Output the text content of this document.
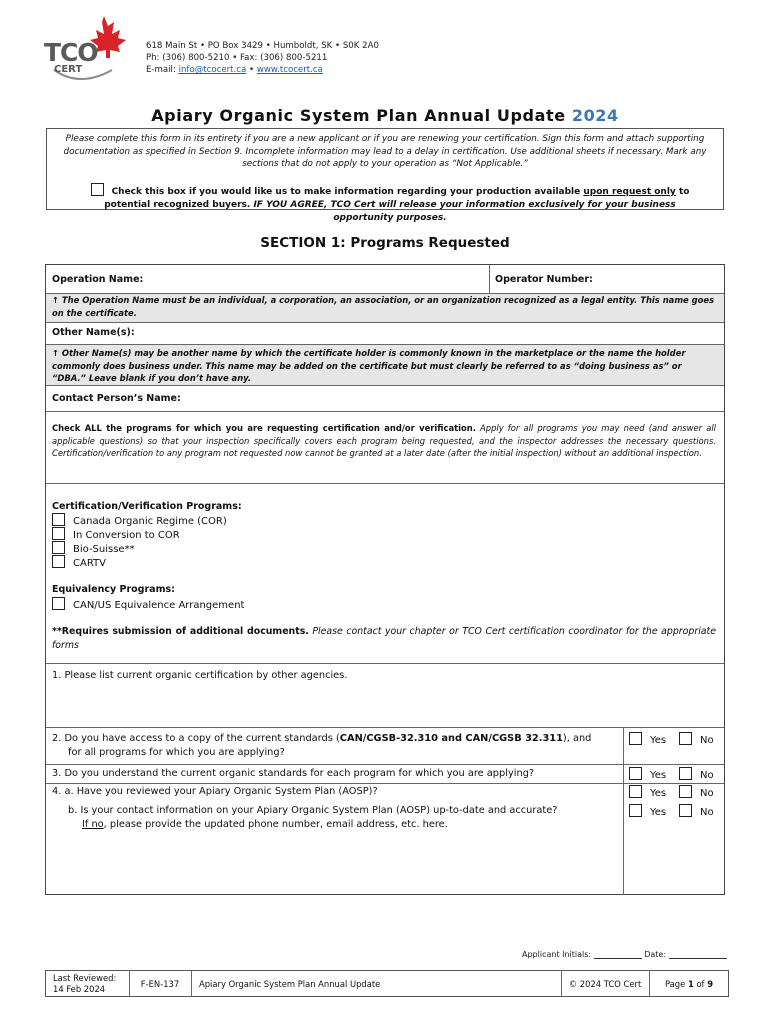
TCO
CERT
618 Main St • PO Box 3429 • Humboldt, SK • S0K 2A0
Ph: (306) 800-5210 • Fax: (306) 800-5211
E-mail: info@tcocert.ca • www.tcocert.ca
Apiary Organic System Plan Annual Update 2024
Please complete this form in its entirety if you are a new applicant or if you are renewing your certification. Sign this form and attach supporting documentation as specified in Section 9. Incomplete information may lead to a delay in certification. Use additional sheets if necessary. Mark any sections that do not apply to your operation as “Not Applicable.”
Check this box if you would like us to make information regarding your production available upon request only to potential recognized buyers. IF YOU AGREE, TCO Cert will release your information exclusively for your business opportunity purposes.
SECTION 1: Programs Requested
Operation Name:	Operator Number:
↑ The Operation Name must be an individual, a corporation, an association, or an organization recognized as a legal entity. This name goes on the certificate.
Other Name(s):
↑ Other Name(s) may be another name by which the certificate holder is commonly known in the marketplace or the name the holder commonly does business under. This name may be added on the certificate but must clearly be referred to as “doing business as” or “DBA.” Leave blank if you don’t have any.
Contact Person’s Name:
Check ALL the programs for which you are requesting certification and/or verification. Apply for all programs you may need (and answer all applicable questions) so that your inspection specifically covers each program being requested, and the inspector addresses the necessary questions. Certification/verification to any program not requested now cannot be granted at a later date (after the initial inspection) without an additional inspection.
Certification/Verification Programs:
Canada Organic Regime (COR)
In Conversion to COR
Bio-Suisse**
CARTV
Equivalency Programs:
CAN/US Equivalence Arrangement
**Requires submission of additional documents. Please contact your chapter or TCO Cert certification coordinator for the appropriate forms
1. Please list current organic certification by other agencies.
2. Do you have access to a copy of the current standards (CAN/CGSB-32.310 and CAN/CGSB 32.311), and
for all programs for which you are applying?
Yes	No
3. Do you understand the current organic standards for each program for which you are applying?	Yes	No
4. a. Have you reviewed your Apiary Organic System Plan (AOSP)?	Yes	No
b. Is your contact information on your Apiary Organic System Plan (AOSP) up-to-date and accurate?
If no, please provide the updated phone number, email address, etc. here.
Yes	No
Applicant Initials:	Date:
Last Reviewed:
14 Feb 2024	F-EN-137	Apiary Organic System Plan Annual Update	© 2024 TCO Cert	Page
1
of
9
